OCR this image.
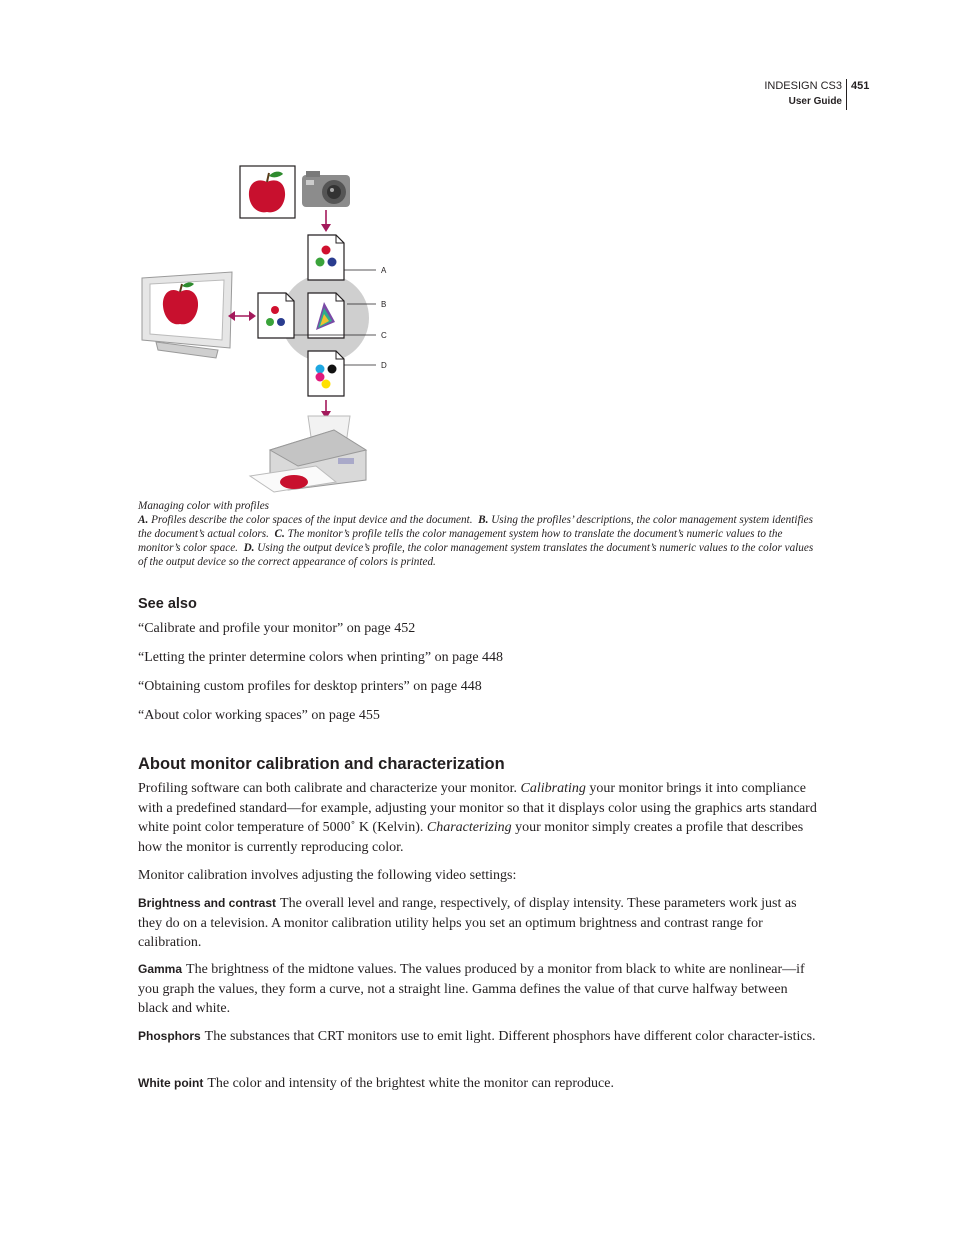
INDESIGN CS3
User Guide
451
A
B
C
D
Managing color with profiles
A. Profiles describe the color spaces of the input device and the document. B. Using the profiles’ descriptions, the color management system identifies the document’s actual colors. C. The monitor’s profile tells the color management system how to translate the document’s numeric values to the monitor’s color space. D. Using the output device’s profile, the color management system translates the document’s numeric values to the color values of the output device so the correct appearance of colors is printed.
See also
“Calibrate and profile your monitor” on page 452
“Letting the printer determine colors when printing” on page 448
“Obtaining custom profiles for desktop printers” on page 448
“About color working spaces” on page 455
About monitor calibration and characterization

Profiling software can both calibrate and characterize your monitor. Calibrating your monitor brings it into compliance with a predefined standard—for example, adjusting your monitor so that it displays color using the graphics arts standard white point color temperature of 5000˚ K (Kelvin). Characterizing your monitor simply creates a profile that describes how the monitor is currently reproducing color.

Monitor calibration involves adjusting the following video settings:

Brightness and contrast The overall level and range, respectively, of display intensity. These parameters work just as they do on a television. A monitor calibration utility helps you set an optimum brightness and contrast range for calibration.

Gamma The brightness of the midtone values. The values produced by a monitor from black to white are nonlinear—if you graph the values, they form a curve, not a straight line. Gamma defines the value of that curve halfway between black and white.

Phosphors The substances that CRT monitors use to emit light. Different phosphors have different color character-istics.

White point The color and intensity of the brightest white the monitor can reproduce.
